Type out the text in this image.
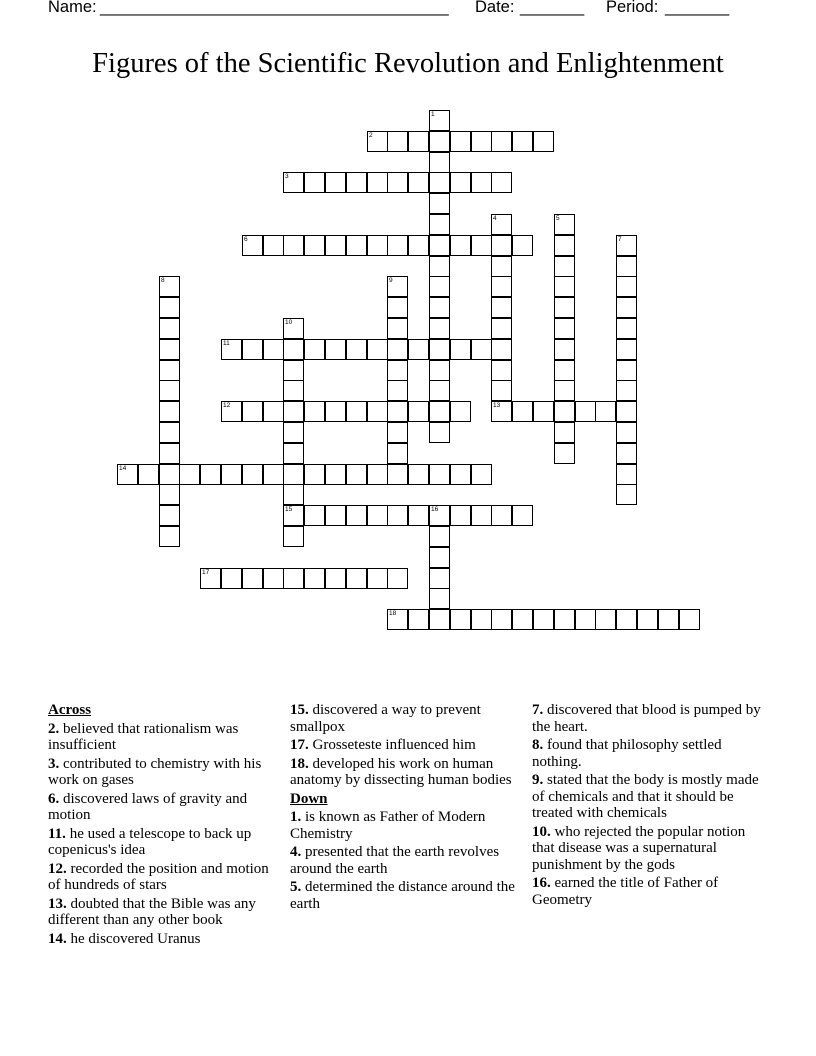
Name: ______________________________________ Date: _______ Period: _______
Figures of the Scientific Revolution and Enlightenment
1
2
3
4
13
5
6	7
8	9
10
15
11
12
14
16
17
18
Across
2. believed that rationalism was insufficient
3. contributed to chemistry with his work on gases
6. discovered laws of gravity and motion
11. he used a telescope to back up copenicus's idea
12. recorded the position and motion of hundreds of stars
13. doubted that the Bible was any different than any other book
14. he discovered Uranus
15. discovered a way to prevent smallpox
17. Grosseteste influenced him
18. developed his work on human anatomy by dissecting human bodies
Down
1. is known as Father of Modern Chemistry
4. presented that the earth revolves around the earth
5. determined the distance around the earth
7. discovered that blood is pumped by the heart.
8. found that philosophy settled nothing.
9. stated that the body is mostly made of chemicals and that it should be treated with chemicals
10. who rejected the popular notion that disease was a supernatural punishment by the gods
16. earned the title of Father of Geometry
